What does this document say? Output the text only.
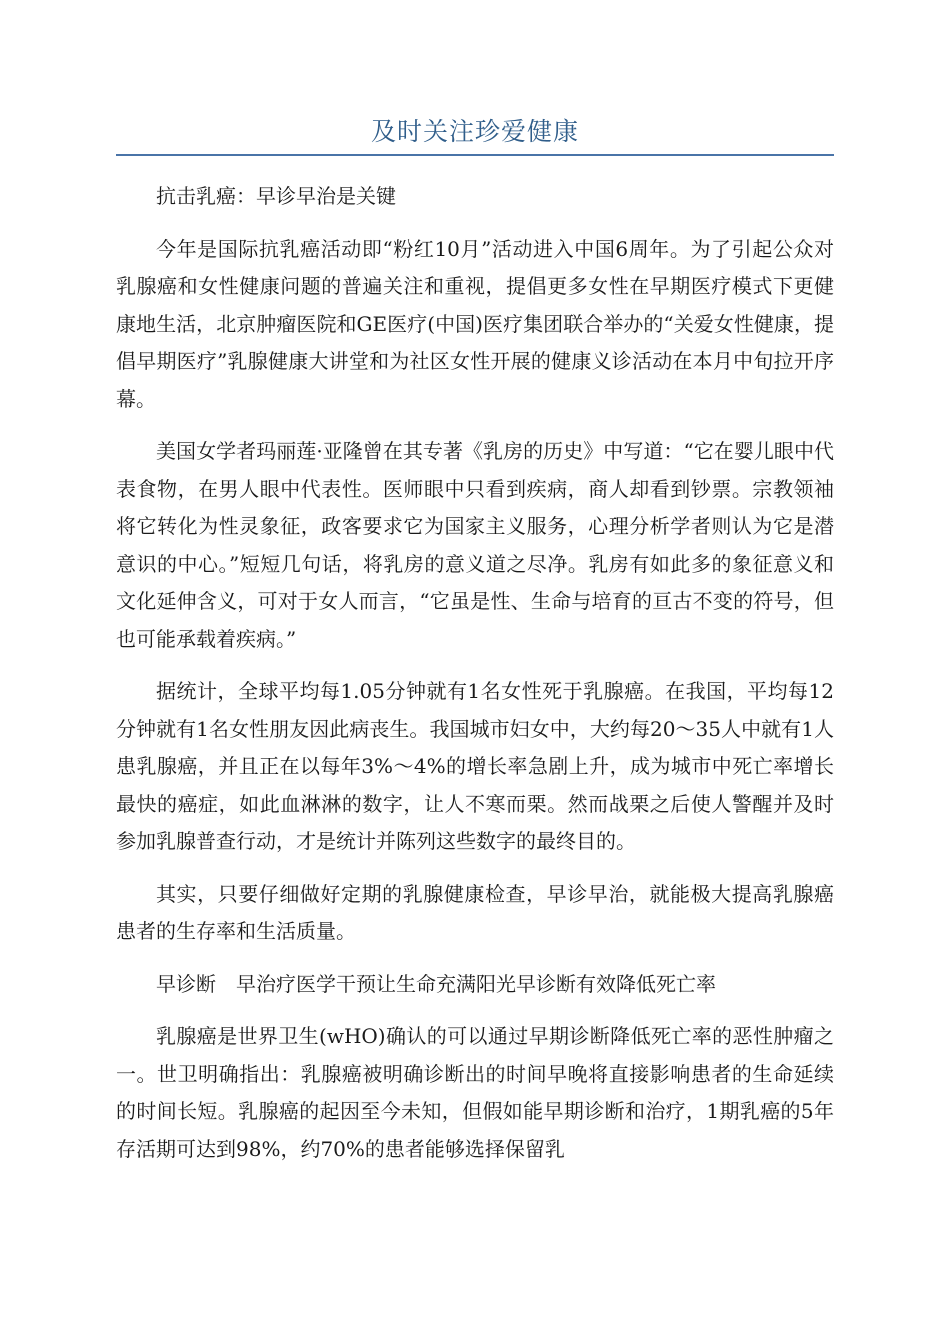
及时关注珍爱健康

抗击乳癌：早诊早治是关键

今年是国际抗乳癌活动即“粉红10月”活动进入中国6周年。为了引起公众对乳腺癌和女性健康问题的普遍关注和重视，提倡更多女性在早期医疗模式下更健康地生活，北京肿瘤医院和GE医疗(中国)医疗集团联合举办的“关爱女性健康，提倡早期医疗”乳腺健康大讲堂和为社区女性开展的健康义诊活动在本月中旬拉开序幕。

美国女学者玛丽莲·亚隆曾在其专著《乳房的历史》中写道：“它在婴儿眼中代表食物，在男人眼中代表性。医师眼中只看到疾病，商人却看到钞票。宗教领袖将它转化为性灵象征，政客要求它为国家主义服务，心理分析学者则认为它是潜意识的中心。”短短几句话，将乳房的意义道之尽净。乳房有如此多的象征意义和文化延伸含义，可对于女人而言，“它虽是性、生命与培育的亘古不变的符号，但也可能承载着疾病。”

据统计，全球平均每1.05分钟就有1名女性死于乳腺癌。在我国，平均每12分钟就有1名女性朋友因此病丧生。我国城市妇女中，大约每20～35人中就有1人患乳腺癌，并且正在以每年3%～4%的增长率急剧上升，成为城市中死亡率增长最快的癌症，如此血淋淋的数字，让人不寒而栗。然而战栗之后使人警醒并及时参加乳腺普查行动，才是统计并陈列这些数字的最终目的。

其实，只要仔细做好定期的乳腺健康检查，早诊早治，就能极大提高乳腺癌患者的生存率和生活质量。

早诊断　早治疗医学干预让生命充满阳光早诊断有效降低死亡率

乳腺癌是世界卫生(wHO)确认的可以通过早期诊断降低死亡率的恶性肿瘤之一。世卫明确指出：乳腺癌被明确诊断出的时间早晚将直接影响患者的生命延续的时间长短。乳腺癌的起因至今未知，但假如能早期诊断和治疗，1期乳癌的5年存活期可达到98%，约70%的患者能够选择保留乳
